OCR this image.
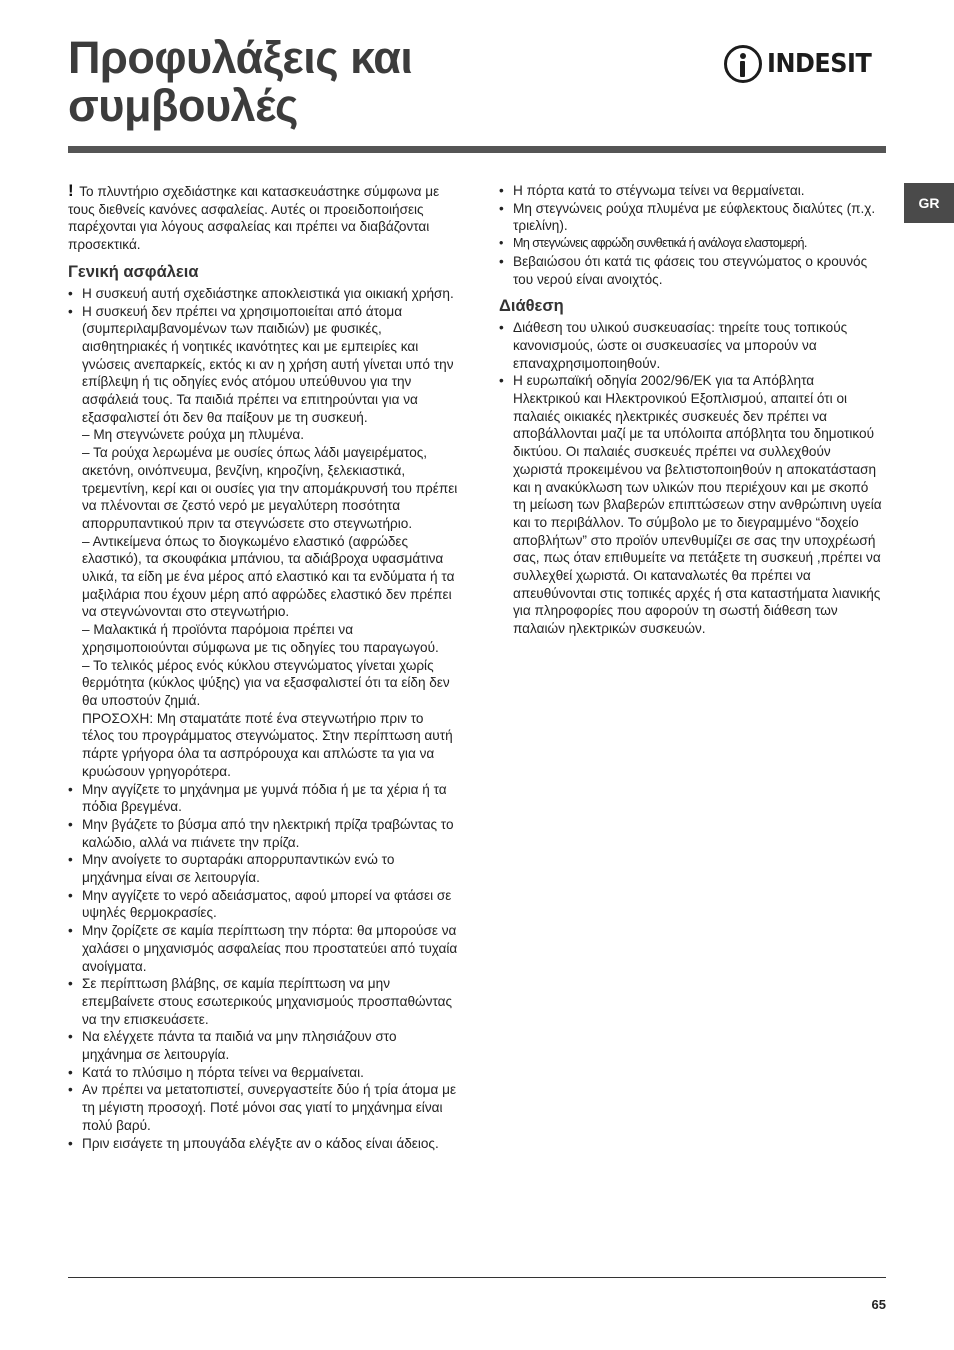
Προφυλάξεις και
συμβουλές
INDESIT
GR

! Το πλυντήριο σχεδιάστηκε και κατασκευάστηκε σύμφωνα με τους διεθνείς κανόνες ασφαλείας. Αυτές οι προειδοποιήσεις παρέχονται για λόγους ασφαλείας και πρέπει να διαβάζονται προσεκτικά.

Γενική ασφάλεια
• Η συσκευή αυτή σχεδιάστηκε αποκλειστικά για οικιακή χρήση.

• Η συσκευή δεν πρέπει να χρησιμοποιείται από άτομα (συμπεριλαμβανομένων των παιδιών) με φυσικές, αισθητηριακές ή νοητικές ικανότητες και με εμπειρίες και γνώσεις ανεπαρκείς, εκτός κι αν η χρήση αυτή γίνεται υπό την επίβλεψη ή τις οδηγίες ενός ατόμου υπεύθυνου για την ασφάλειά τους. Τα παιδιά πρέπει να επιτηρούνται για να εξασφαλιστεί ότι δεν θα παίξουν με τη συσκευή.

– Μη στεγνώνετε ρούχα μη πλυμένα.

– Τα ρούχα λερωμένα με ουσίες όπως λάδι μαγειρέματος, ακετόνη, οινόπνευμα, βενζίνη, κηροζίνη, ξελεκιαστικά, τρεμεντίνη, κερί και οι ουσίες για την απομάκρυνσή του πρέπει να πλένονται σε ζεστό νερό με μεγαλύτερη ποσότητα απορρυπαντικού πριν τα στεγνώσετε στο στεγνωτήριο.

– Αντικείμενα όπως το διογκωμένο ελαστικό (αφρώδες ελαστικό), τα σκουφάκια μπάνιου, τα αδιάβροχα υφασμάτινα υλικά, τα είδη με ένα μέρος από ελαστικό και τα ενδύματα ή τα μαξιλάρια που έχουν μέρη από αφρώδες ελαστικό δεν πρέπει να στεγνώνονται στο στεγνωτήριο.

– Μαλακτικά ή προϊόντα παρόμοια πρέπει να χρησιμοποιούνται σύμφωνα με τις οδηγίες του παραγωγού.

– Το τελικός μέρος ενός κύκλου στεγνώματος γίνεται χωρίς θερμότητα (κύκλος ψύξης) για να εξασφαλιστεί ότι τα είδη δεν θα υποστούν ζημιά.

ΠΡΟΣΟΧΗ: Μη σταματάτε ποτέ ένα στεγνωτήριο πριν το τέλος του προγράμματος στεγνώματος. Στην περίπτωση αυτή πάρτε γρήγορα όλα τα ασπρόρουχα και απλώστε τα για να κρυώσουν γρηγορότερα.

• Μην αγγίζετε το μηχάνημα με γυμνά πόδια ή με τα χέρια ή τα πόδια βρεγμένα.
• Μην βγάζετε το βύσμα από την ηλεκτρική πρίζα τραβώντας το καλώδιο, αλλά να πιάνετε την πρίζα.
• Μην ανοίγετε το συρταράκι απορρυπαντικών ενώ το μηχάνημα είναι σε λειτουργία.
• Μην αγγίζετε το νερό αδειάσματος, αφού μπορεί να φτάσει σε υψηλές θερμοκρασίες.
• Μην ζορίζετε σε καμία περίπτωση την πόρτα: θα μπορούσε να χαλάσει ο μηχανισμός ασφαλείας που προστατεύει από τυχαία ανοίγματα.
• Σε περίπτωση βλάβης, σε καμία περίπτωση να μην επεμβαίνετε στους εσωτερικούς μηχανισμούς προσπαθώντας να την επισκευάσετε.
• Να ελέγχετε πάντα τα παιδιά να μην πλησιάζουν στο μηχάνημα σε λειτουργία.
• Κατά το πλύσιμο η πόρτα τείνει να θερμαίνεται.
• Αν πρέπει να μετατοπιστεί, συνεργαστείτε δύο ή τρία άτομα με τη μέγιστη προσοχή. Ποτέ μόνοι σας γιατί το μηχάνημα είναι πολύ βαρύ.
• Πριν εισάγετε τη μπουγάδα ελέγξτε αν ο κάδος είναι άδειος.
• Η πόρτα κατά το στέγνωμα τείνει να θερμαίνεται.
• Μη στεγνώνεις ρούχα πλυμένα με εύφλεκτους διαλύτες (π.χ. τριελίνη).
• Μη στεγνώνεις αφρώδη συνθετικά ή ανάλογα ελαστομερή.
• Βεβαιώσου ότι κατά τις φάσεις του στεγνώματος ο κρουνός του νερού είναι ανοιχτός.
Διάθεση
• Διάθεση του υλικού συσκευασίας: τηρείτε τους τοπικούς κανονισμούς, ώστε οι συσκευασίες να μπορούν να επαναχρησιμοποιηθούν.
• Η ευρωπαϊκή οδηγία 2002/96/ΕΚ για τα Απόβλητα Ηλεκτρικού και Ηλεκτρονικού Εξοπλισμού, απαιτεί ότι οι παλαιές οικιακές ηλεκτρικές συσκευές δεν πρέπει να αποβάλλονται μαζί με τα υπόλοιπα απόβλητα του δημοτικού δικτύου. Οι παλαιές συσκευές πρέπει να συλλεχθούν χωριστά προκειμένου να βελτιστοποιηθούν η αποκατάσταση και η ανακύκλωση των υλικών που περιέχουν και με σκοπό τη μείωση των βλαβερών επιπτώσεων στην ανθρώπινη υγεία και το περιβάλλον. Το σύμβολο με το διεγραμμένο “δοχείο αποβλήτων” στο προϊόν υπενθυμίζει σε σας την υποχρέωσή σας, πως όταν επιθυμείτε να πετάξετε τη συσκευή ,πρέπει να συλλεχθεί χωριστά. Οι καταναλωτές θα πρέπει να απευθύνονται στις τοπικές αρχές ή στα καταστήματα λιανικής για πληροφορίες που αφορούν τη σωστή διάθεση των παλαιών ηλεκτρικών συσκευών.
65
